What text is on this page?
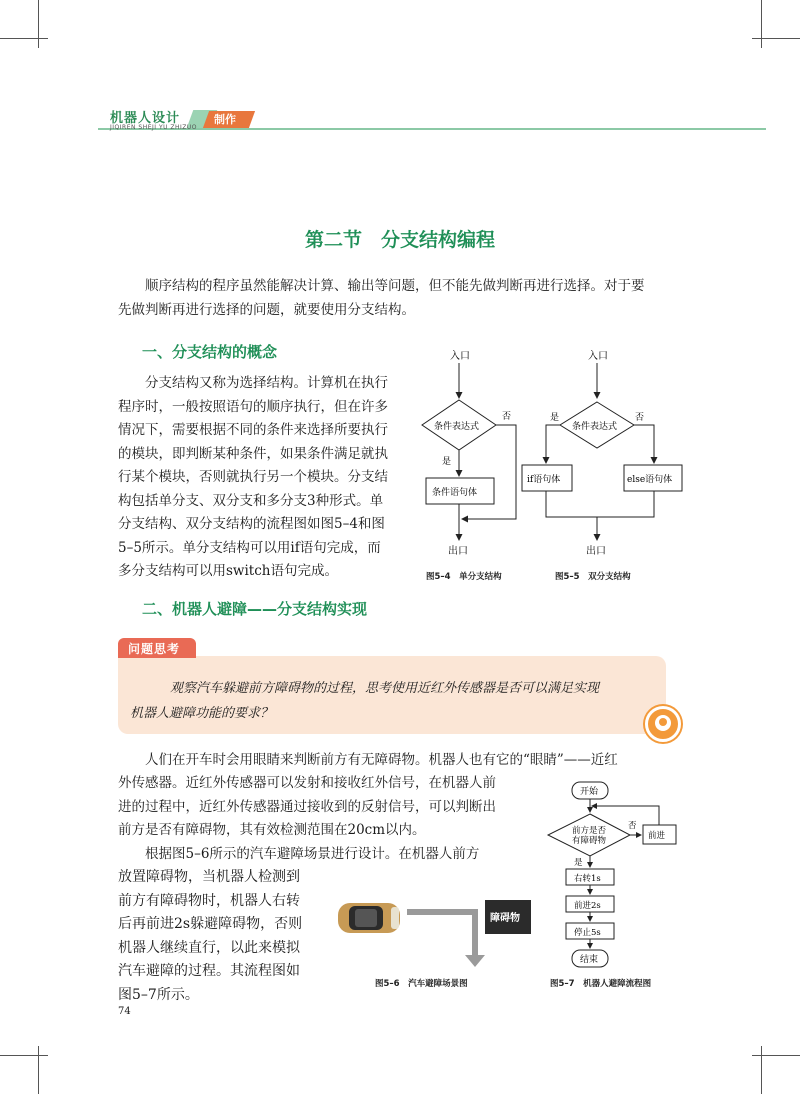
机器人设计
JIQIREN SHEJI YU ZHIZUO
制作
第二节　分支结构编程
顺序结构的程序虽然能解决计算、输出等问题，但不能先做判断再进行选择。对于要
先做判断再进行选择的问题，就要使用分支结构。
一、分支结构的概念
分支结构又称为选择结构。计算机在执行
程序时，一般按照语句的顺序执行，但在许多
情况下，需要根据不同的条件来选择所要执行
的模块，即判断某种条件，如果条件满足就执
行某个模块，否则就执行另一个模块。分支结
构包括单分支、双分支和多分支3种形式。单
分支结构、双分支结构的流程图如图5–4和图
5–5所示。单分支结构可以用if语句完成，而
多分支结构可以用switch语句完成。
入口
条件表达式
否
是
条件语句体
出口
图5–4　单分支结构
入口
条件表达式
是	否
if语句体	else语句体
出口
图5–5　双分支结构
二、机器人避障——分支结构实现
问题思考
观察汽车躲避前方障碍物的过程，思考使用近红外传感器是否可以满足实现
机器人避障功能的要求？
人们在开车时会用眼睛来判断前方有无障碍物。机器人也有它的“眼睛”——近红
外传感器。近红外传感器可以发射和接收红外信号，在机器人前
进的过程中，近红外传感器通过接收到的反射信号，可以判断出
前方是否有障碍物，其有效检测范围在20cm以内。
根据图5–6所示的汽车避障场景进行设计。在机器人前方
放置障碍物，当机器人检测到
前方有障碍物时，机器人右转
后再前进2s躲避障碍物，否则
机器人继续直行，以此来模拟
汽车避障的过程。其流程图如
图5–7所示。
障碍物
图5–6　汽车避障场景图
开始
前方是否
有障碍物
否
前进
是
右转1s
前进2s
停止5s
结束
图5–7　机器人避障流程图
74
